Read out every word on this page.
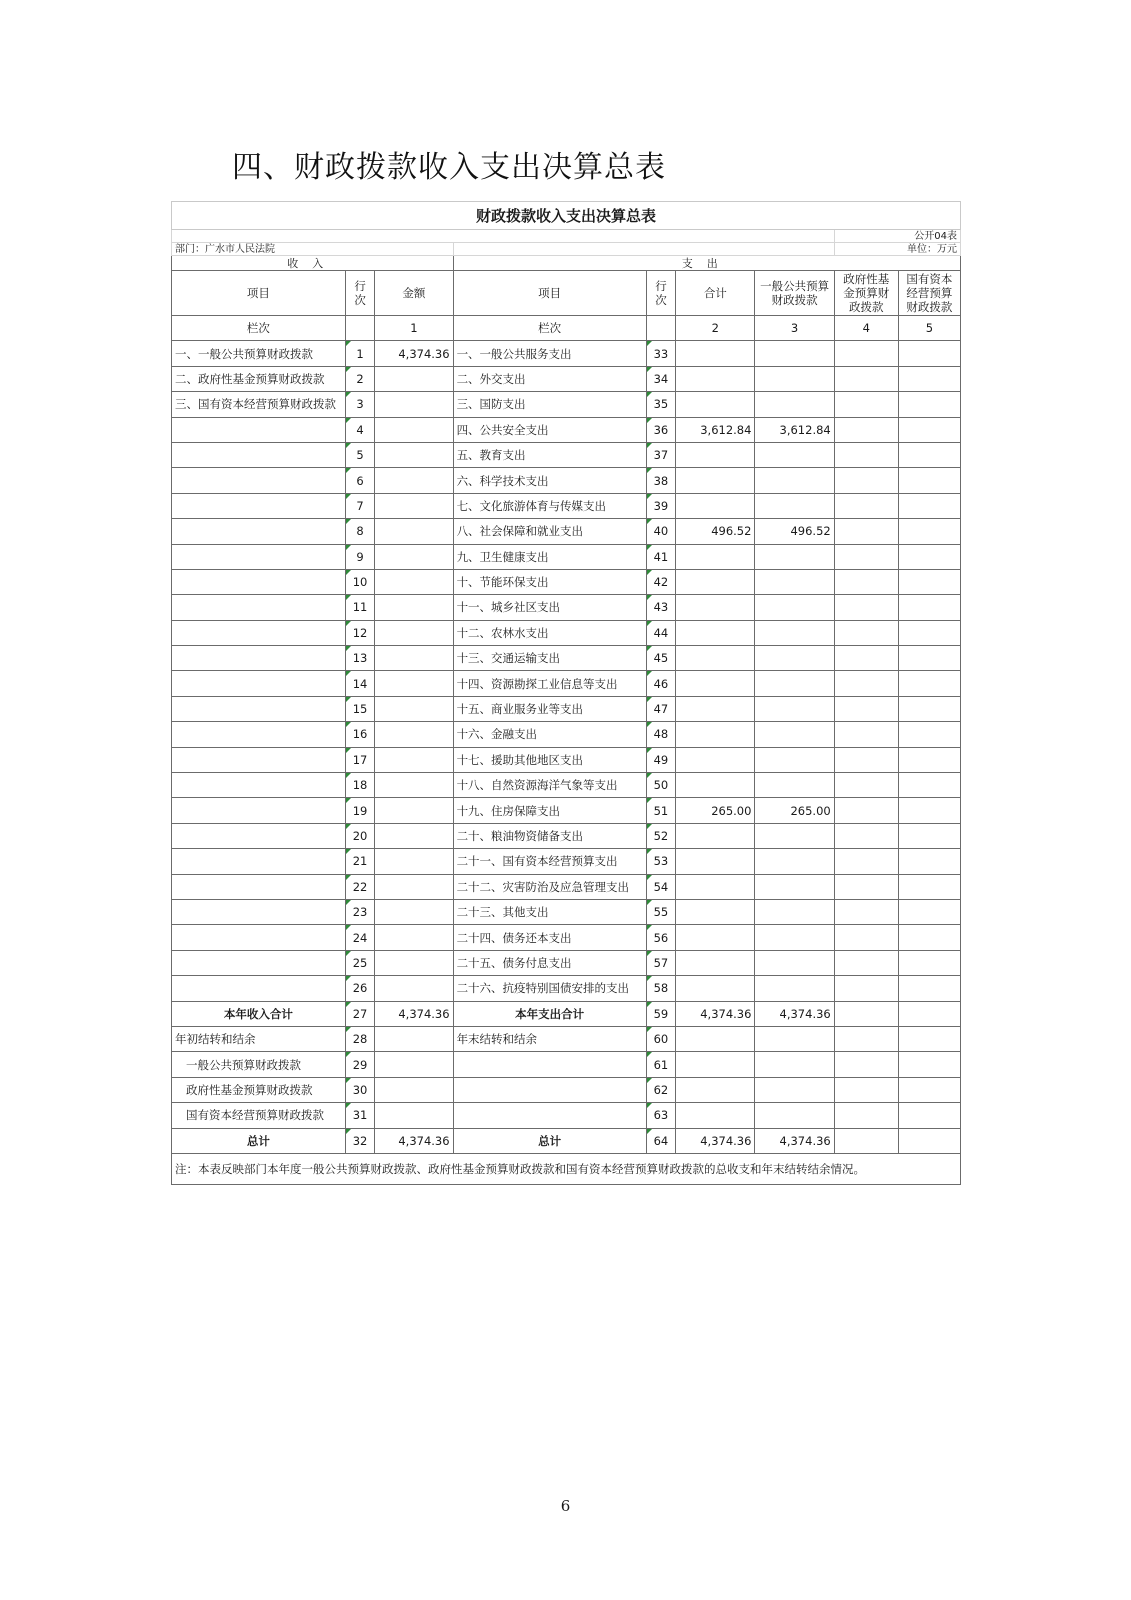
四、财政拨款收入支出决算总表
财政拨款收入支出决算总表								
							公开04表	
部门：广水市人民法院							单位：万元	
收入			支出					
项目	行次	金额	项目	行次	合计	一般公共预算财政拨款	政府性基金预算财政拨款	国有资本经营预算财政拨款
栏次		1	栏次		2	3	4	5
一、一般公共预算财政拨款	1	4,374.36	一、一般公共服务支出	33				
二、政府性基金预算财政拨款	2		二、外交支出	34				
三、国有资本经营预算财政拨款	3		三、国防支出	35				
	4		四、公共安全支出	36	3,612.84	3,612.84		
	5		五、教育支出	37				
	6		六、科学技术支出	38				
	7		七、文化旅游体育与传媒支出	39				
	8		八、社会保障和就业支出	40	496.52	496.52		
	9		九、卫生健康支出	41				
	10		十、节能环保支出	42				
	11		十一、城乡社区支出	43				
	12		十二、农林水支出	44				
	13		十三、交通运输支出	45				
	14		十四、资源勘探工业信息等支出	46				
	15		十五、商业服务业等支出	47				
	16		十六、金融支出	48				
	17		十七、援助其他地区支出	49				
	18		十八、自然资源海洋气象等支出	50				
	19		十九、住房保障支出	51	265.00	265.00		
	20		二十、粮油物资储备支出	52				
	21		二十一、国有资本经营预算支出	53				
	22		二十二、灾害防治及应急管理支出	54				
	23		二十三、其他支出	55				
	24		二十四、债务还本支出	56				
	25		二十五、债务付息支出	57				
	26		二十六、抗疫特别国债安排的支出	58				
本年收入合计	27	4,374.36	本年支出合计	59	4,374.36	4,374.36		
年初结转和结余	28		年末结转和结余	60				
一般公共预算财政拨款	29			61				
政府性基金预算财政拨款	30			62				
国有资本经营预算财政拨款	31			63				
总计	32	4,374.36	总计	64	4,374.36	4,374.36		
注：本表反映部门本年度一般公共预算财政拨款、政府性基金预算财政拨款和国有资本经营预算财政拨款的总收支和年末结转结余情况。								
6
